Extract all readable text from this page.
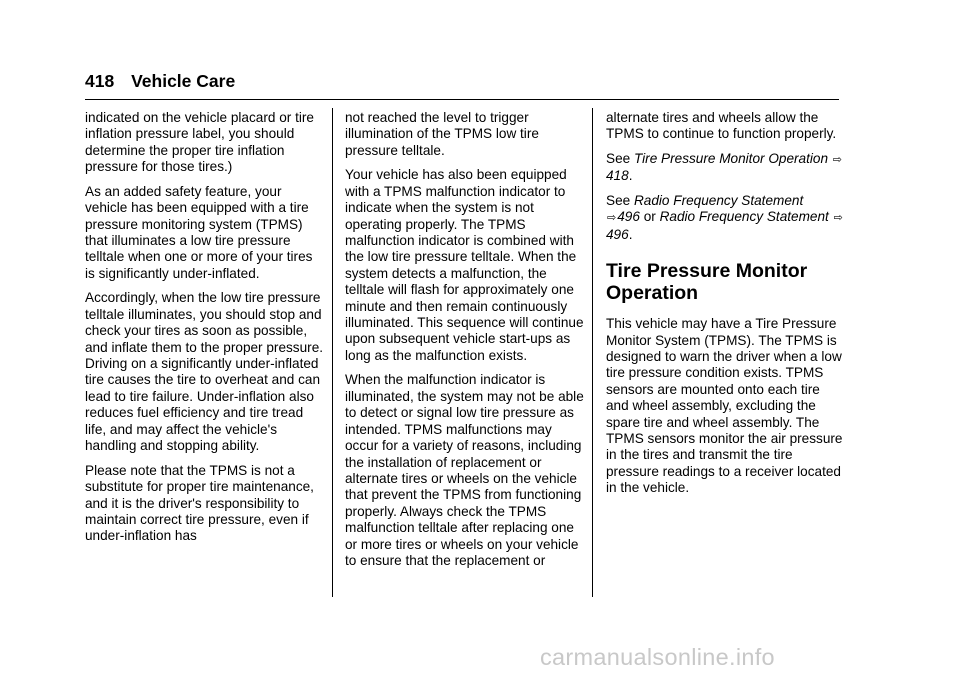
418 Vehicle Care

indicated on the vehicle placard or tire inflation pressure label, you should determine the proper tire inflation pressure for those tires.)

As an added safety feature, your vehicle has been equipped with a tire pressure monitoring system (TPMS) that illuminates a low tire pressure telltale when one or more of your tires is significantly under-inflated.

Accordingly, when the low tire pressure telltale illuminates, you should stop and check your tires as soon as possible, and inflate them to the proper pressure. Driving on a significantly under-inflated tire causes the tire to overheat and can lead to tire failure. Under-inflation also reduces fuel efficiency and tire tread life, and may affect the vehicle's handling and stopping ability.

Please note that the TPMS is not a substitute for proper tire maintenance, and it is the driver's responsibility to maintain correct tire pressure, even if under-inflation has

not reached the level to trigger illumination of the TPMS low tire pressure telltale.

Your vehicle has also been equipped with a TPMS malfunction indicator to indicate when the system is not operating properly. The TPMS malfunction indicator is combined with the low tire pressure telltale. When the system detects a malfunction, the telltale will flash for approximately one minute and then remain continuously illuminated. This sequence will continue upon subsequent vehicle start-ups as long as the malfunction exists.

When the malfunction indicator is illuminated, the system may not be able to detect or signal low tire pressure as intended. TPMS malfunctions may occur for a variety of reasons, including the installation of replacement or alternate tires or wheels on the vehicle that prevent the TPMS from functioning properly. Always check the TPMS malfunction telltale after replacing one or more tires or wheels on your vehicle to ensure that the replacement or

alternate tires and wheels allow the TPMS to continue to function properly.

See Tire Pressure Monitor Operation ⇨418.

See Radio Frequency Statement
⇨496 or Radio Frequency Statement ⇨496.

Tire Pressure Monitor Operation

This vehicle may have a Tire Pressure Monitor System (TPMS). The TPMS is designed to warn the driver when a low tire pressure condition exists. TPMS sensors are mounted onto each tire and wheel assembly, excluding the spare tire and wheel assembly. The TPMS sensors monitor the air pressure in the tires and transmit the tire pressure readings to a receiver located in the vehicle.

carmanualsonline.info
